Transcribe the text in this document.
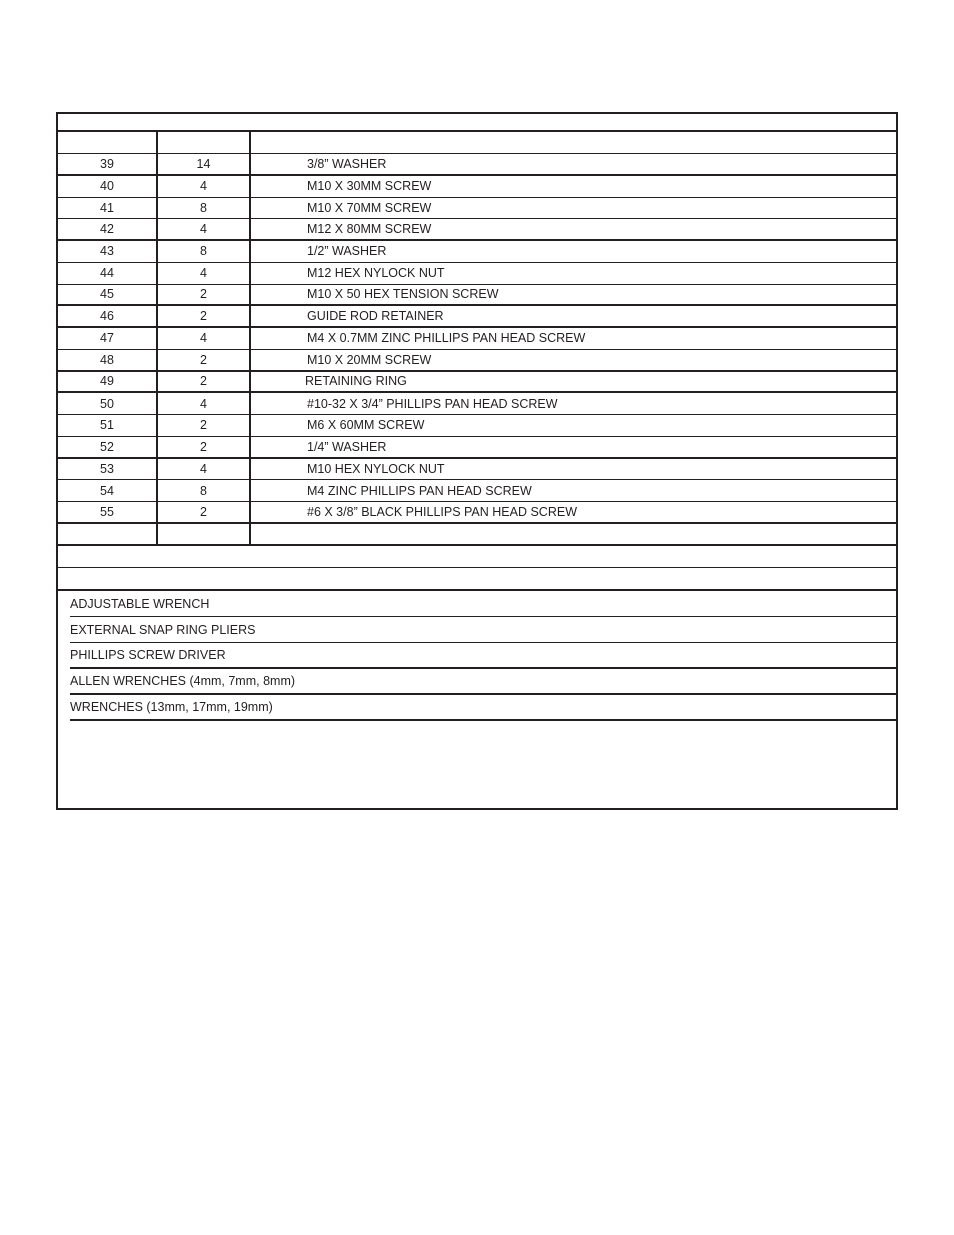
39	14	3/8” WASHER
40	4	M10 X 30MM SCREW
41	8	M10 X 70MM SCREW
42	4	M12 X 80MM SCREW
43	8	1/2” WASHER
44	4	M12 HEX NYLOCK NUT
45	2	M10 X 50 HEX TENSION SCREW
46	2	GUIDE ROD RETAINER
47	4	M4 X 0.7MM ZINC PHILLIPS PAN HEAD SCREW
48	2	M10 X 20MM SCREW
49	2	RETAINING RING
50	4	#10-32 X 3/4” PHILLIPS PAN HEAD SCREW
51	2	M6 X 60MM SCREW
52	2	1/4” WASHER
53	4	M10 HEX NYLOCK NUT
54	8	M4 ZINC PHILLIPS PAN HEAD SCREW
55	2	#6 X 3/8” BLACK PHILLIPS PAN HEAD SCREW
ADJUSTABLE WRENCH
EXTERNAL SNAP RING PLIERS
PHILLIPS SCREW DRIVER
ALLEN WRENCHES (4mm, 7mm, 8mm)
WRENCHES (13mm, 17mm, 19mm)
